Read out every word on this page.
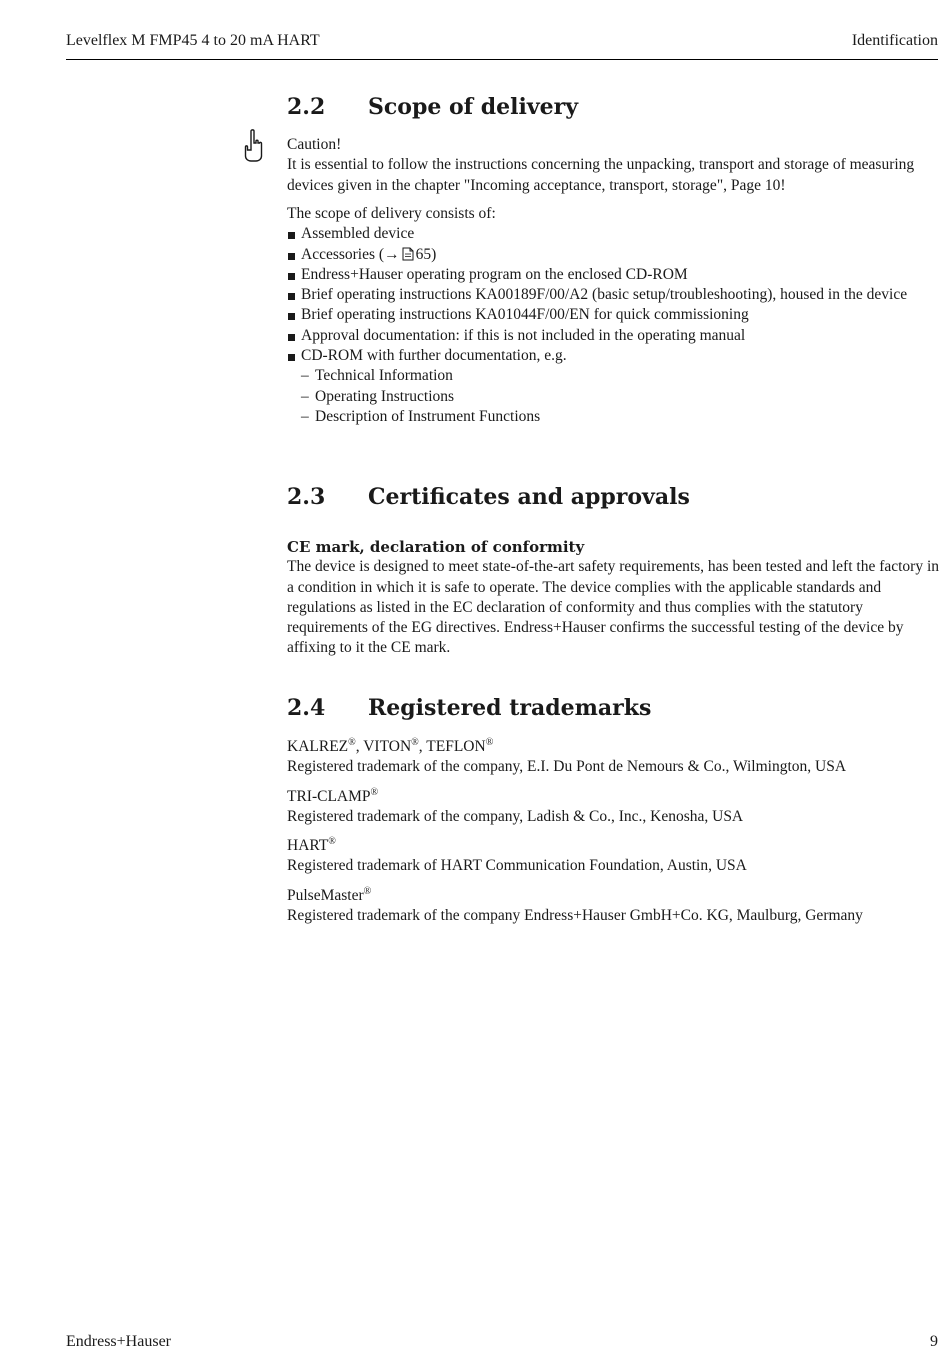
Levelflex M FMP45 4 to 20 mA HART	Identification
2.2 Scope of delivery

Caution!

It is essential to follow the instructions concerning the unpacking, transport and storage of measuring devices given in the chapter "Incoming acceptance, transport, storage", Page 10!

The scope of delivery consists of:

Assembled device
Accessories (→ 65)
Endress+Hauser operating program on the enclosed CD-ROM
Brief operating instructions KA00189F/00/A2 (basic setup/troubleshooting), housed in the device
Brief operating instructions KA01044F/00/EN for quick commissioning
Approval documentation: if this is not included in the operating manual
CD-ROM with further documentation, e.g.
– Technical Information
– Operating Instructions
– Description of Instrument Functions
2.3 Certificates and approvals

CE mark, declaration of conformity

The device is designed to meet state-of-the-art safety requirements, has been tested and left the factory in a condition in which it is safe to operate. The device complies with the applicable standards and regulations as listed in the EC declaration of conformity and thus complies with the statutory requirements of the EG directives. Endress+Hauser confirms the successful testing of the device by affixing to it the CE mark.

2.4 Registered trademarks

KALREZ®, VITON®, TEFLON®

Registered trademark of the company, E.I. Du Pont de Nemours & Co., Wilmington, USA

TRI-CLAMP®

Registered trademark of the company, Ladish & Co., Inc., Kenosha, USA

HART®

Registered trademark of HART Communication Foundation, Austin, USA

PulseMaster®

Registered trademark of the company Endress+Hauser GmbH+Co. KG, Maulburg, Germany

Endress+Hauser	9
